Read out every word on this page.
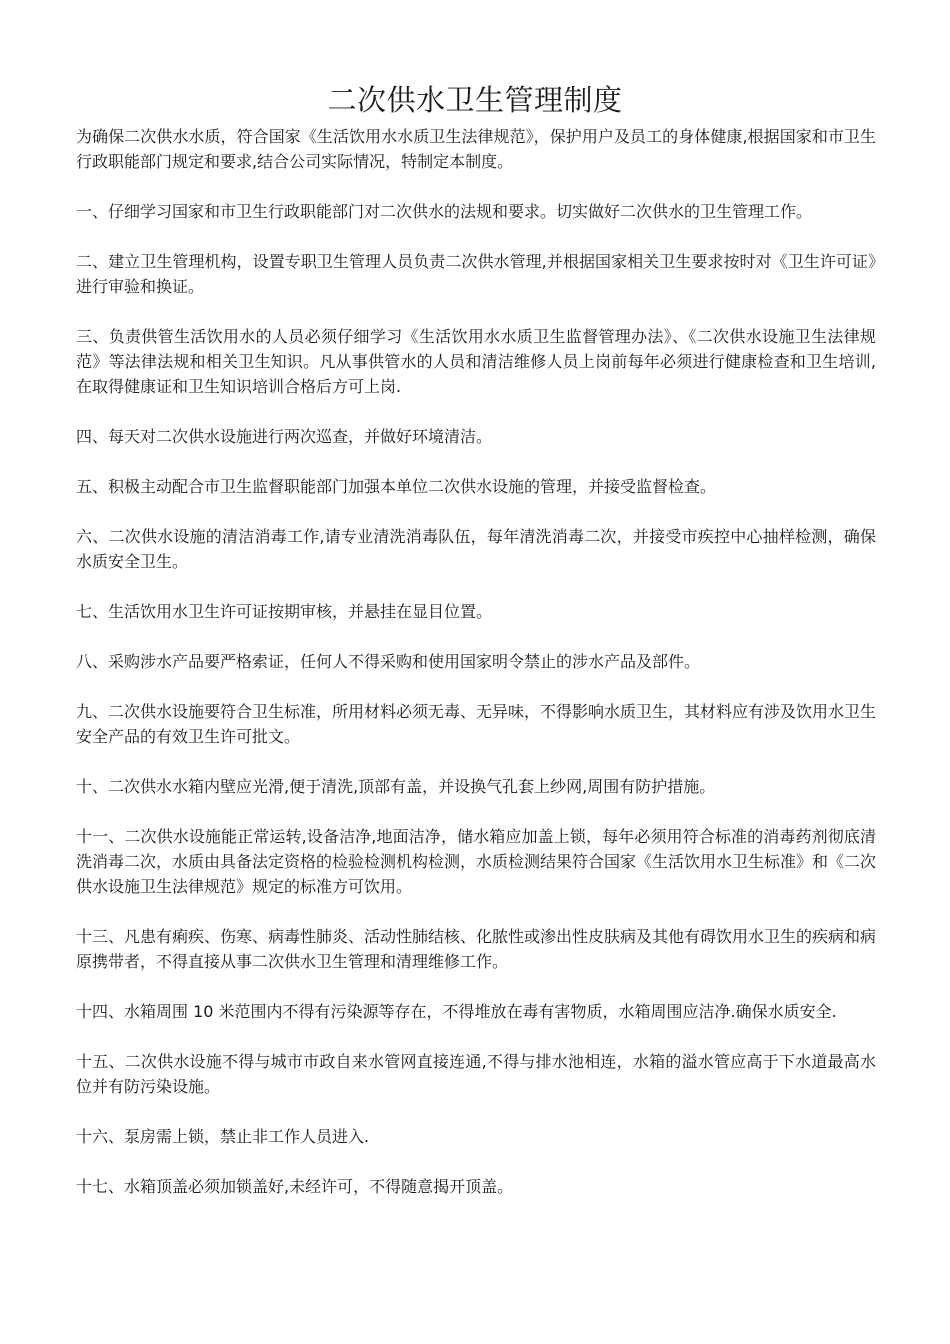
二次供水卫生管理制度

为确保二次供水水质，符合国家《生活饮用水水质卫生法律规范》，保护用户及员工的身体健康,根据国家和市卫生行政职能部门规定和要求,结合公司实际情况，特制定本制度。

一、仔细学习国家和市卫生行政职能部门对二次供水的法规和要求。切实做好二次供水的卫生管理工作。

二、建立卫生管理机构，设置专职卫生管理人员负责二次供水管理,并根据国家相关卫生要求按时对《卫生许可证》进行审验和换证。

三、负责供管生活饮用水的人员必须仔细学习《生活饮用水水质卫生监督管理办法》、《二次供水设施卫生法律规范》等法律法规和相关卫生知识。凡从事供管水的人员和清洁维修人员上岗前每年必须进行健康检查和卫生培训,在取得健康证和卫生知识培训合格后方可上岗.

四、每天对二次供水设施进行两次巡查，并做好环境清洁。

五、积极主动配合市卫生监督职能部门加强本单位二次供水设施的管理，并接受监督检查。

六、二次供水设施的清洁消毒工作,请专业清洗消毒队伍，每年清洗消毒二次，并接受市疾控中心抽样检测，确保水质安全卫生。

七、生活饮用水卫生许可证按期审核，并悬挂在显目位置。

八、采购涉水产品要严格索证，任何人不得采购和使用国家明令禁止的涉水产品及部件。

九、二次供水设施要符合卫生标准，所用材料必须无毒、无异味，不得影响水质卫生，其材料应有涉及饮用水卫生安全产品的有效卫生许可批文。

十、二次供水水箱内壁应光滑,便于清洗,顶部有盖，并设换气孔套上纱网,周围有防护措施。

十一、二次供水设施能正常运转,设备洁净,地面洁净，储水箱应加盖上锁，每年必须用符合标准的消毒药剂彻底清洗消毒二次，水质由具备法定资格的检验检测机构检测，水质检测结果符合国家《生活饮用水卫生标准》和《二次供水设施卫生法律规范》规定的标准方可饮用。

十三、凡患有痢疾、伤寒、病毒性肺炎、活动性肺结核、化脓性或渗出性皮肤病及其他有碍饮用水卫生的疾病和病原携带者，不得直接从事二次供水卫生管理和清理维修工作。

十四、水箱周围 10 米范围内不得有污染源等存在，不得堆放在毒有害物质，水箱周围应洁净.确保水质安全.

十五、二次供水设施不得与城市市政自来水管网直接连通,不得与排水池相连，水箱的溢水管应高于下水道最高水位并有防污染设施。

十六、泵房需上锁，禁止非工作人员进入.

十七、水箱顶盖必须加锁盖好,未经许可，不得随意揭开顶盖。
